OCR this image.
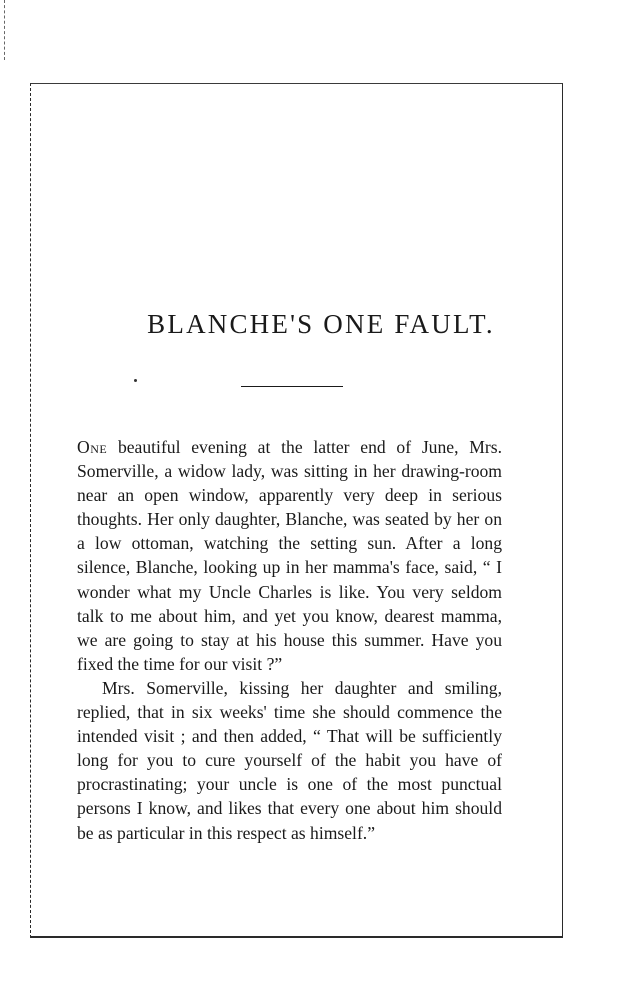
BLANCHE'S ONE FAULT.

One beautiful evening at the latter end of June, Mrs. Somerville, a widow lady, was sitting in her drawing-room near an open window, apparently very deep in serious thoughts. Her only daughter, Blanche, was seated by her on a low ottoman, watching the setting sun. After a long silence, Blanche, looking up in her mamma's face, said, “ I wonder what my Uncle Charles is like. You very seldom talk to me about him, and yet you know, dearest mamma, we are going to stay at his house this summer. Have you fixed the time for our visit ?”

Mrs. Somerville, kissing her daughter and smiling, replied, that in six weeks' time she should commence the intended visit ; and then added, “ That will be sufficiently long for you to cure yourself of the habit you have of procrastinating; your uncle is one of the most punctual persons I know, and likes that every one about him should be as particular in this respect as himself.”
